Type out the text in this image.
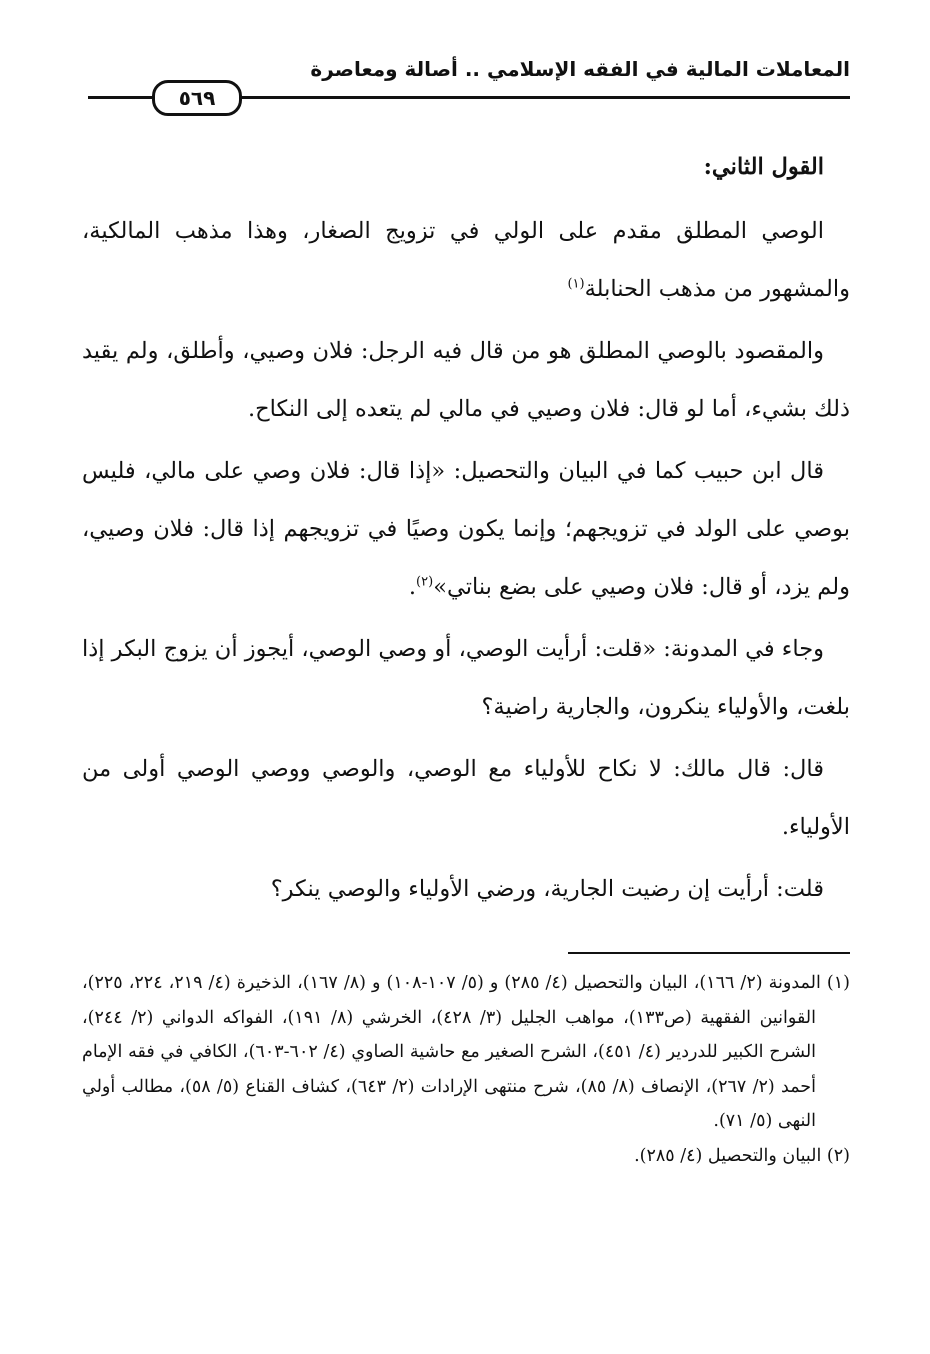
المعاملات المالية في الفقه الإسلامي .. أصالة ومعاصرة
٥٦٩

القول الثاني:

الوصي المطلق مقدم على الولي في تزويج الصغار، وهذا مذهب المالكية، والمشهور من مذهب الحنابلة$^{(١)}$

والمقصود بالوصي المطلق هو من قال فيه الرجل: فلان وصيي، وأطلق، ولم يقيد ذلك بشيء، أما لو قال: فلان وصيي في مالي لم يتعده إلى النكاح.

قال ابن حبيب كما في البيان والتحصيل: «إذا قال: فلان وصي على مالي، فليس بوصي على الولد في تزويجهم؛ وإنما يكون وصيًا في تزويجهم إذا قال: فلان وصيي، ولم يزد، أو قال: فلان وصيي على بضع بناتي»$^{(٢)}$.

وجاء في المدونة: «قلت: أرأيت الوصي، أو وصي الوصي، أيجوز أن يزوج البكر إذا بلغت، والأولياء ينكرون، والجارية راضية؟

قال: قال مالك: لا نكاح للأولياء مع الوصي، والوصي ووصي الوصي أولى من الأولياء.

قلت: أرأيت إن رضيت الجارية، ورضي الأولياء والوصي ينكر؟

(١) المدونة (٢/ ١٦٦)، البيان والتحصيل (٤/ ٢٨٥) و (٥/ ١٠٧-١٠٨) و (٨/ ١٦٧)، الذخيرة (٤/ ٢١٩، ٢٢٤، ٢٢٥)، القوانين الفقهية (ص١٣٣)، مواهب الجليل (٣/ ٤٢٨)، الخرشي (٨/ ١٩١)، الفواكه الدواني (٢/ ٢٤٤)، الشرح الكبير للدردير (٤/ ٤٥١)، الشرح الصغير مع حاشية الصاوي (٤/ ٦٠٢-٦٠٣)، الكافي في فقه الإمام أحمد (٢/ ٢٦٧)، الإنصاف (٨/ ٨٥)، شرح منتهى الإرادات (٢/ ٦٤٣)، كشاف القناع (٥/ ٥٨)، مطالب أولي النهى (٥/ ٧١).

(٢) البيان والتحصيل (٤/ ٢٨٥).
